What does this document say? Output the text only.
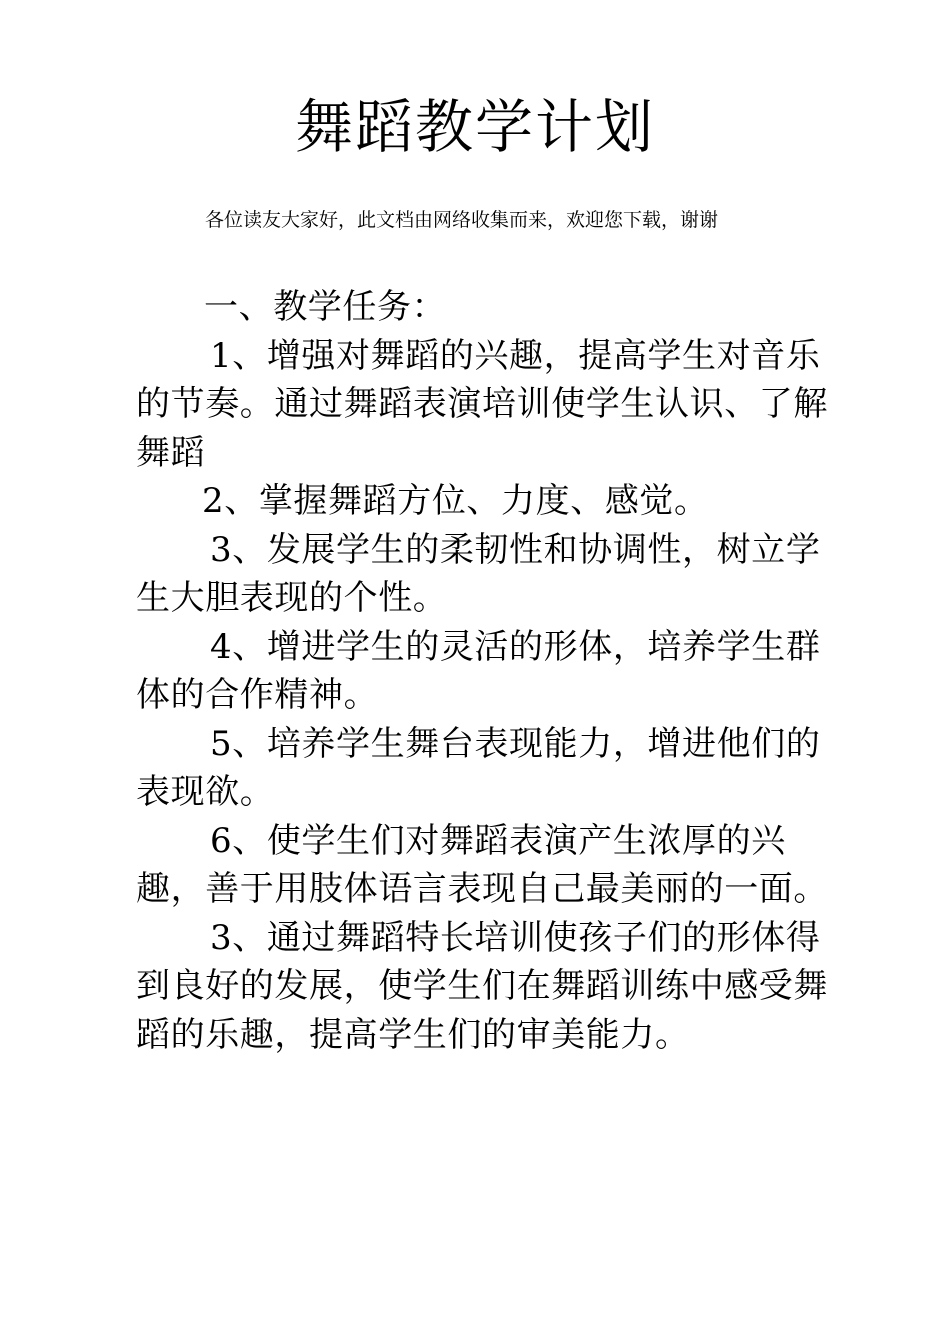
舞蹈教学计划
各位读友大家好，此文档由网络收集而来，欢迎您下载，谢谢
一、教学任务：

1、增强对舞蹈的兴趣，提高学生对音乐的节奏。通过舞蹈表演培训使学生认识、了解舞蹈

2、掌握舞蹈方位、力度、感觉。

3、发展学生的柔韧性和协调性，树立学生大胆表现的个性。

4、增进学生的灵活的形体，培养学生群体的合作精神。

5、培养学生舞台表现能力，增进他们的表现欲。

6、使学生们对舞蹈表演产生浓厚的兴趣，善于用肢体语言表现自己最美丽的一面。

3、通过舞蹈特长培训使孩子们的形体得到良好的发展，使学生们在舞蹈训练中感受舞蹈的乐趣，提高学生们的审美能力。
